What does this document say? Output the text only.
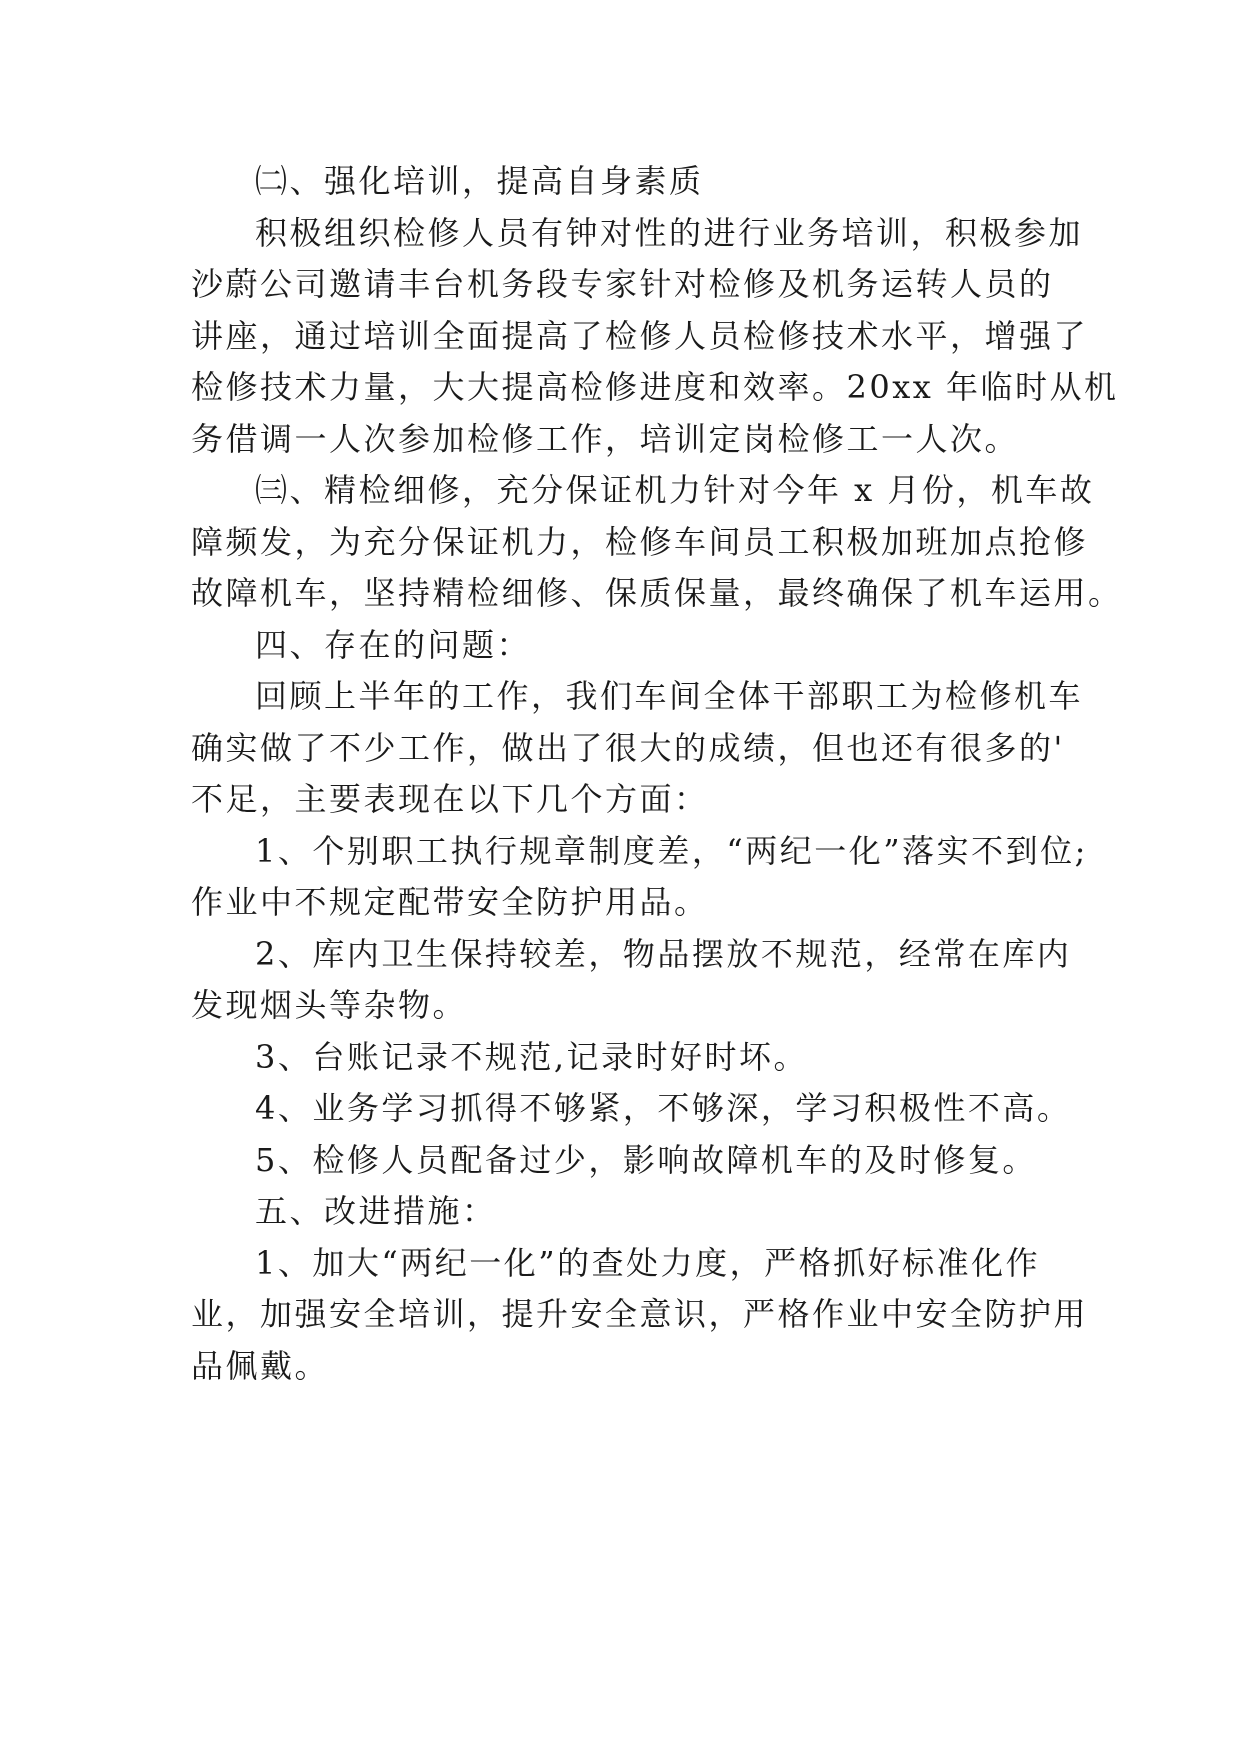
㈡、强化培训，提高自身素质
积极组织检修人员有钟对性的进行业务培训，积极参加
沙蔚公司邀请丰台机务段专家针对检修及机务运转人员的
讲座，通过培训全面提高了检修人员检修技术水平，增强了
检修技术力量，大大提高检修进度和效率。20xx 年临时从机
务借调一人次参加检修工作，培训定岗检修工一人次。
㈢、精检细修，充分保证机力针对今年 x 月份，机车故
障频发，为充分保证机力，检修车间员工积极加班加点抢修
故障机车，坚持精检细修、保质保量，最终确保了机车运用。
四、存在的问题：
回顾上半年的工作，我们车间全体干部职工为检修机车
确实做了不少工作，做出了很大的成绩，但也还有很多的'
不足，主要表现在以下几个方面：
1、个别职工执行规章制度差，“两纪一化”落实不到位;
作业中不规定配带安全防护用品。
2、库内卫生保持较差，物品摆放不规范，经常在库内
发现烟头等杂物。
3、台账记录不规范,记录时好时坏。
4、业务学习抓得不够紧，不够深，学习积极性不高。
5、检修人员配备过少，影响故障机车的及时修复。
五、改进措施：
1、加大“两纪一化”的查处力度，严格抓好标准化作
业，加强安全培训，提升安全意识，严格作业中安全防护用
品佩戴。
